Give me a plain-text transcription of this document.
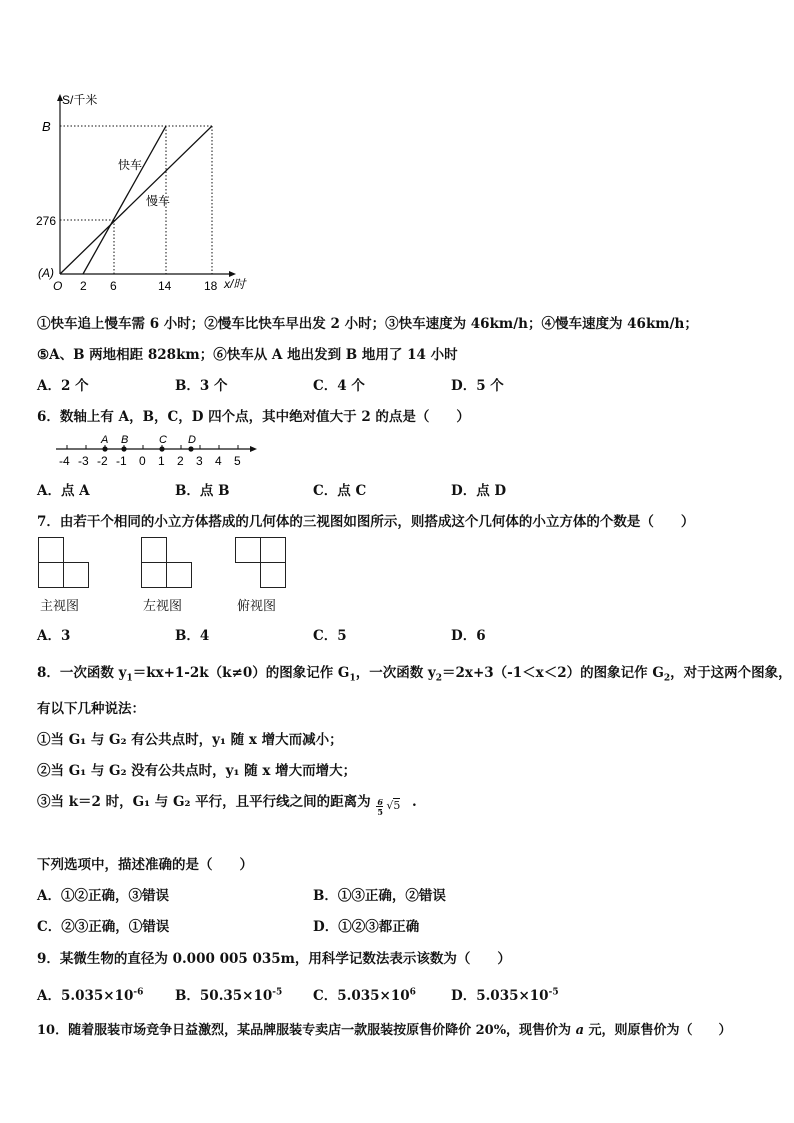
S/千米
x/时
B
276
(A)
O 2 6	14	18
快车
慢车
①快车追上慢车需 6 小时；②慢车比快车早出发 2 小时；③快车速度为 46km/h；④慢车速度为 46km/h；
⑤A、B 两地相距 828km；⑥快车从 A 地出发到 B 地用了 14 小时
A．2 个	B．3 个	C．4 个	D．5 个
6．数轴上有 A，B，C，D 四个点，其中绝对值大于 2 的点是（　　）
A B	C D
-4 -3 -2 -1 0 1 2 3 4 5
A．点 A	B．点 B	C．点 C	D．点 D
7．由若干个相同的小立方体搭成的几何体的三视图如图所示，则搭成这个几何体的小立方体的个数是（　　）
主视图	左视图	俯视图
A．3	B．4	C．5	D．6
8．一次函数 $y_1=kx+1-2k(k\ne 0)$的图象记作 $G_1$，一次函数 $y_2=2x+3(-1<x<2)$的图象记作 $G_2$，对于这两个图象，
有以下几种说法：
①当 G₁ 与 G₂ 有公共点时，y₁ 随 x 增大而减小；
②当 G₁ 与 G₂ 没有公共点时，y₁ 随 x 增大而增大；
③当 k＝2 时，G₁ 与 G₂ 平行，且平行线之间的距离为 6
5 √5 .
下列选项中，描述准确的是（　　）
A．①②正确，③错误	B．①③正确，②错误
C．②③正确，①错误	D．①②③都正确
9．某微生物的直径为 0.000 005 035m，用科学记数法表示该数为（　　）
A．$5.035\times 10^{-6}$ B．$50.35\times 10^{-5}$ C．$5.035\times 10^6$	D．$5.035\times 10^{-5}$
10．随着服装市场竞争日益激烈，某品牌服装专卖店一款服装按原售价降价 20%，现售价为 a 元，则原售价为（　　）
